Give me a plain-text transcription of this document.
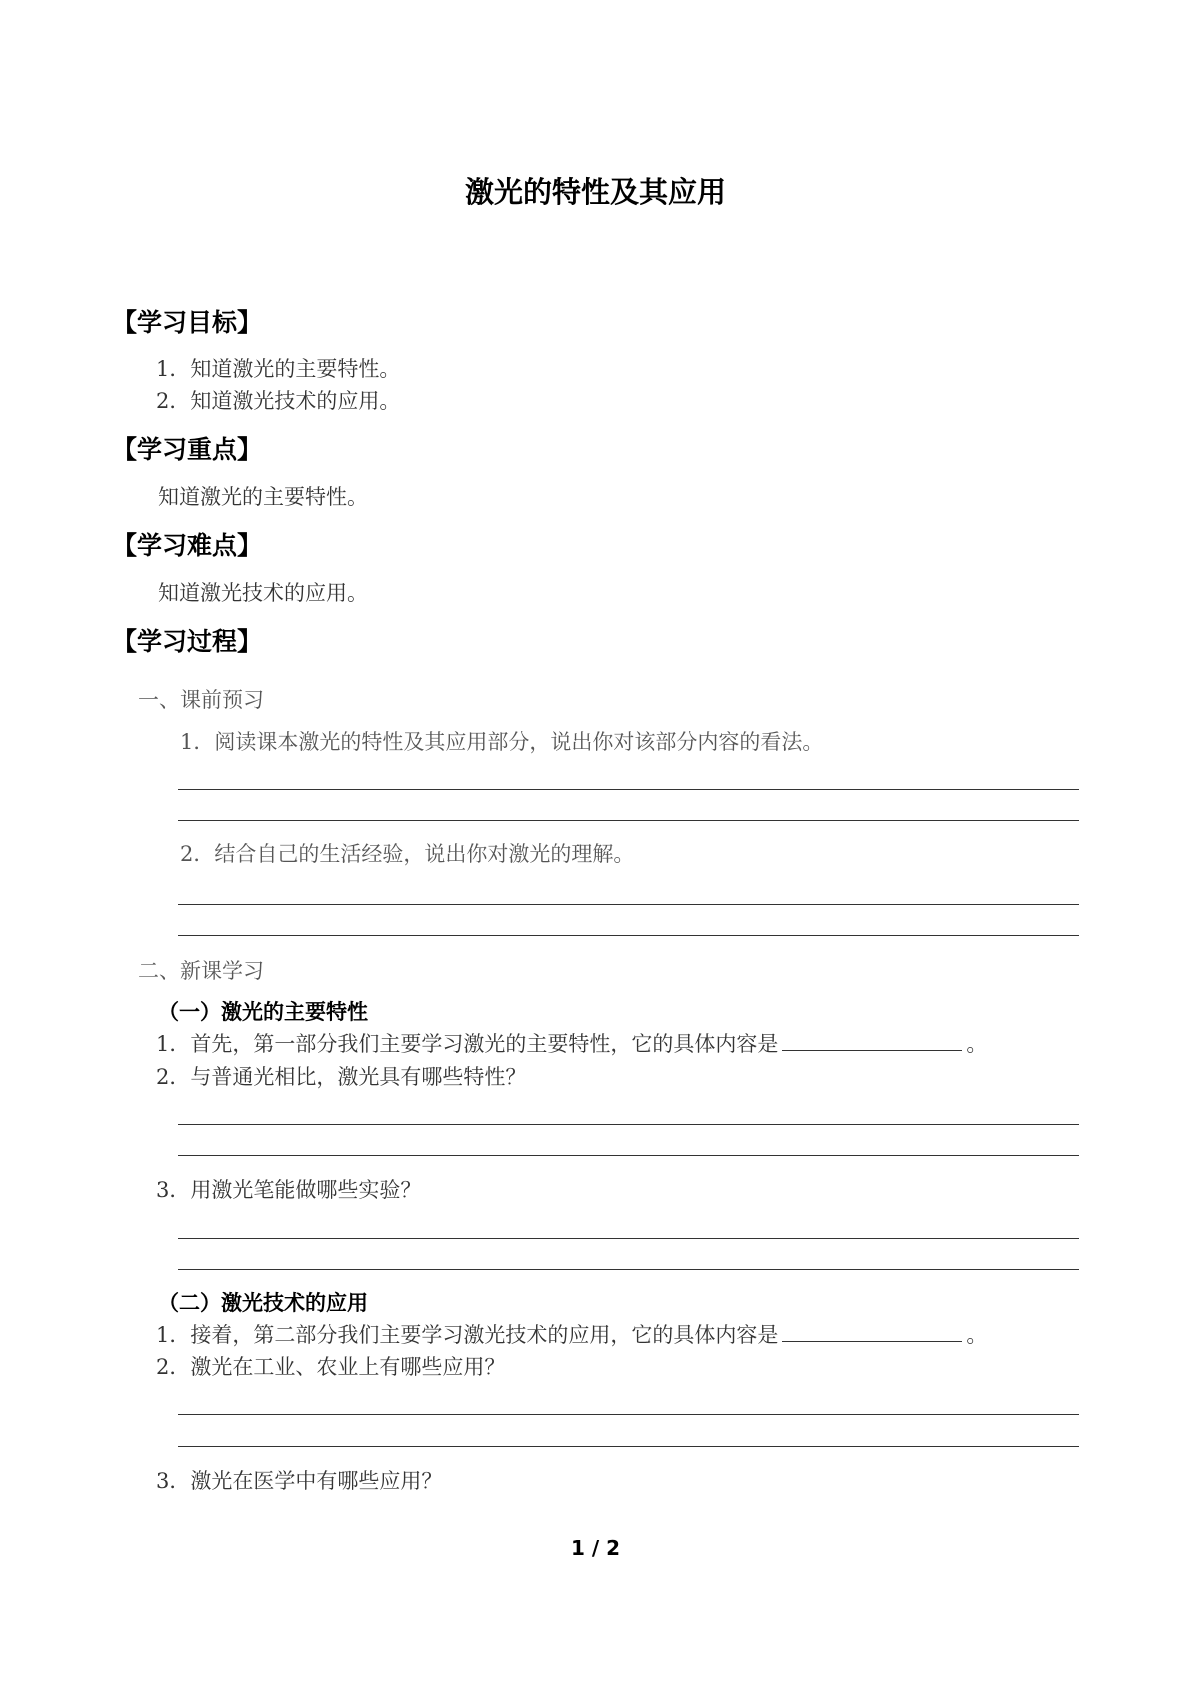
激光的特性及其应用
【学习目标】
1．知道激光的主要特性。
2．知道激光技术的应用。
【学习重点】
知道激光的主要特性。
【学习难点】
知道激光技术的应用。
【学习过程】
一、课前预习
1．阅读课本激光的特性及其应用部分，说出你对该部分内容的看法。
2．结合自己的生活经验，说出你对激光的理解。
二、新课学习
（一）激光的主要特性
1．首先，第一部分我们主要学习激光的主要特性，它的具体内容是	。
2．与普通光相比，激光具有哪些特性？
3．用激光笔能做哪些实验？
（二）激光技术的应用
1．接着，第二部分我们主要学习激光技术的应用，它的具体内容是	。
2．激光在工业、农业上有哪些应用？
3．激光在医学中有哪些应用？
1 / 2
